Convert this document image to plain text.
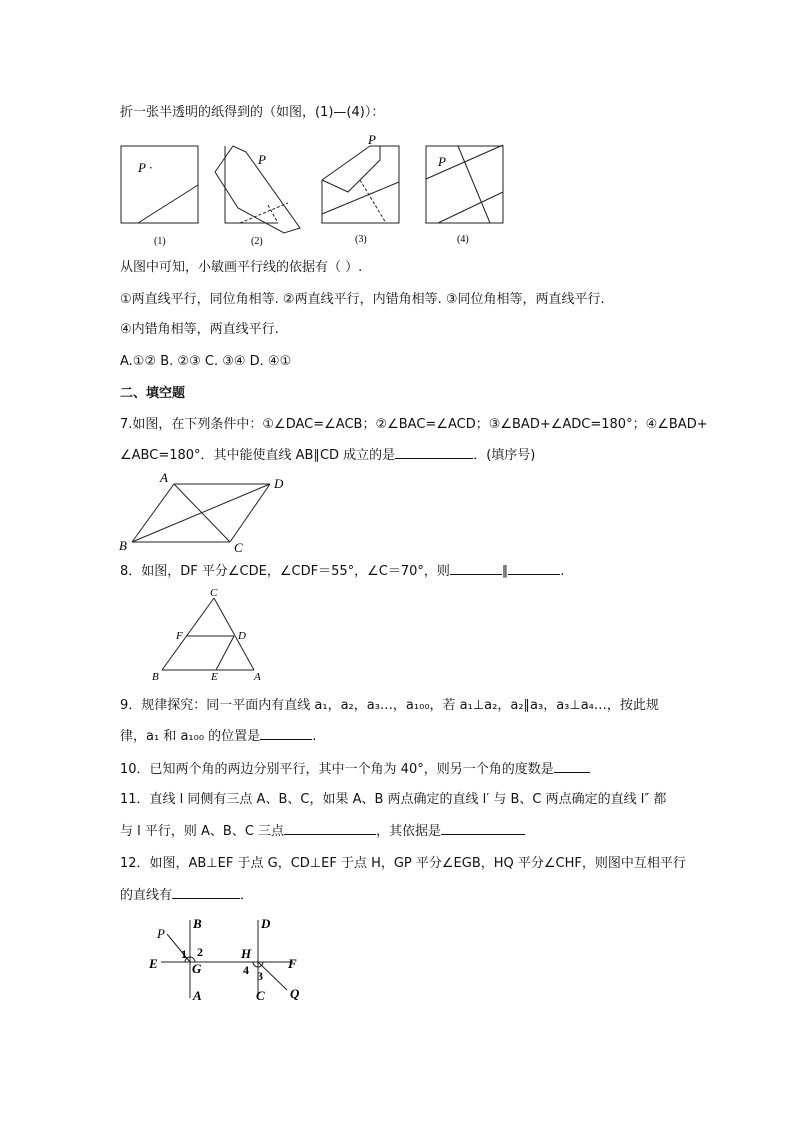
折一张半透明的纸得到的（如图，(1)—(4)）：
P ·
(1)
P
(2)
P
(3)
P
(4)
从图中可知，小敏画平行线的依据有（ ）.
①两直线平行，同位角相等. ②两直线平行，内错角相等. ③同位角相等，两直线平行.
④内错角相等，两直线平行.
A.①② B. ②③ C. ③④ D. ④①
二、填空题
7.如图，在下列条件中：①∠DAC=∠ACB；②∠BAC=∠ACD；③∠BAD+∠ADC=180°；④∠BAD+
∠ABC=180°．其中能使直线 AB∥CD 成立的是	．(填序号)
A	D
B	C
8．如图，DF 平分∠CDE，∠CDF＝55°，∠C＝70°，则	∥	.
C
F	D
B	E	A
9．规律探究：同一平面内有直线 a₁，a₂，a₃…，a₁₀₀，若 a₁⊥a₂，a₂∥a₃，a₃⊥a₄…，按此规
律，a₁ 和 a₁₀₀ 的位置是	.
10．已知两个角的两边分别平行，其中一个角为 40°，则另一个角的度数是
11．直线 l 同侧有三点 A、B、C，如果 A、B 两点确定的直线 l′ 与 B、C 两点确定的直线 l″ 都
与 l 平行，则 A、B、C 三点	，其依据是
12．如图，AB⊥EF 于点 G，CD⊥EF 于点 H，GP 平分∠EGB，HQ 平分∠CHF，则图中互相平行
的直线有	．
P
B
1 2
E	G
A
D
H
4 3
F
C Q
